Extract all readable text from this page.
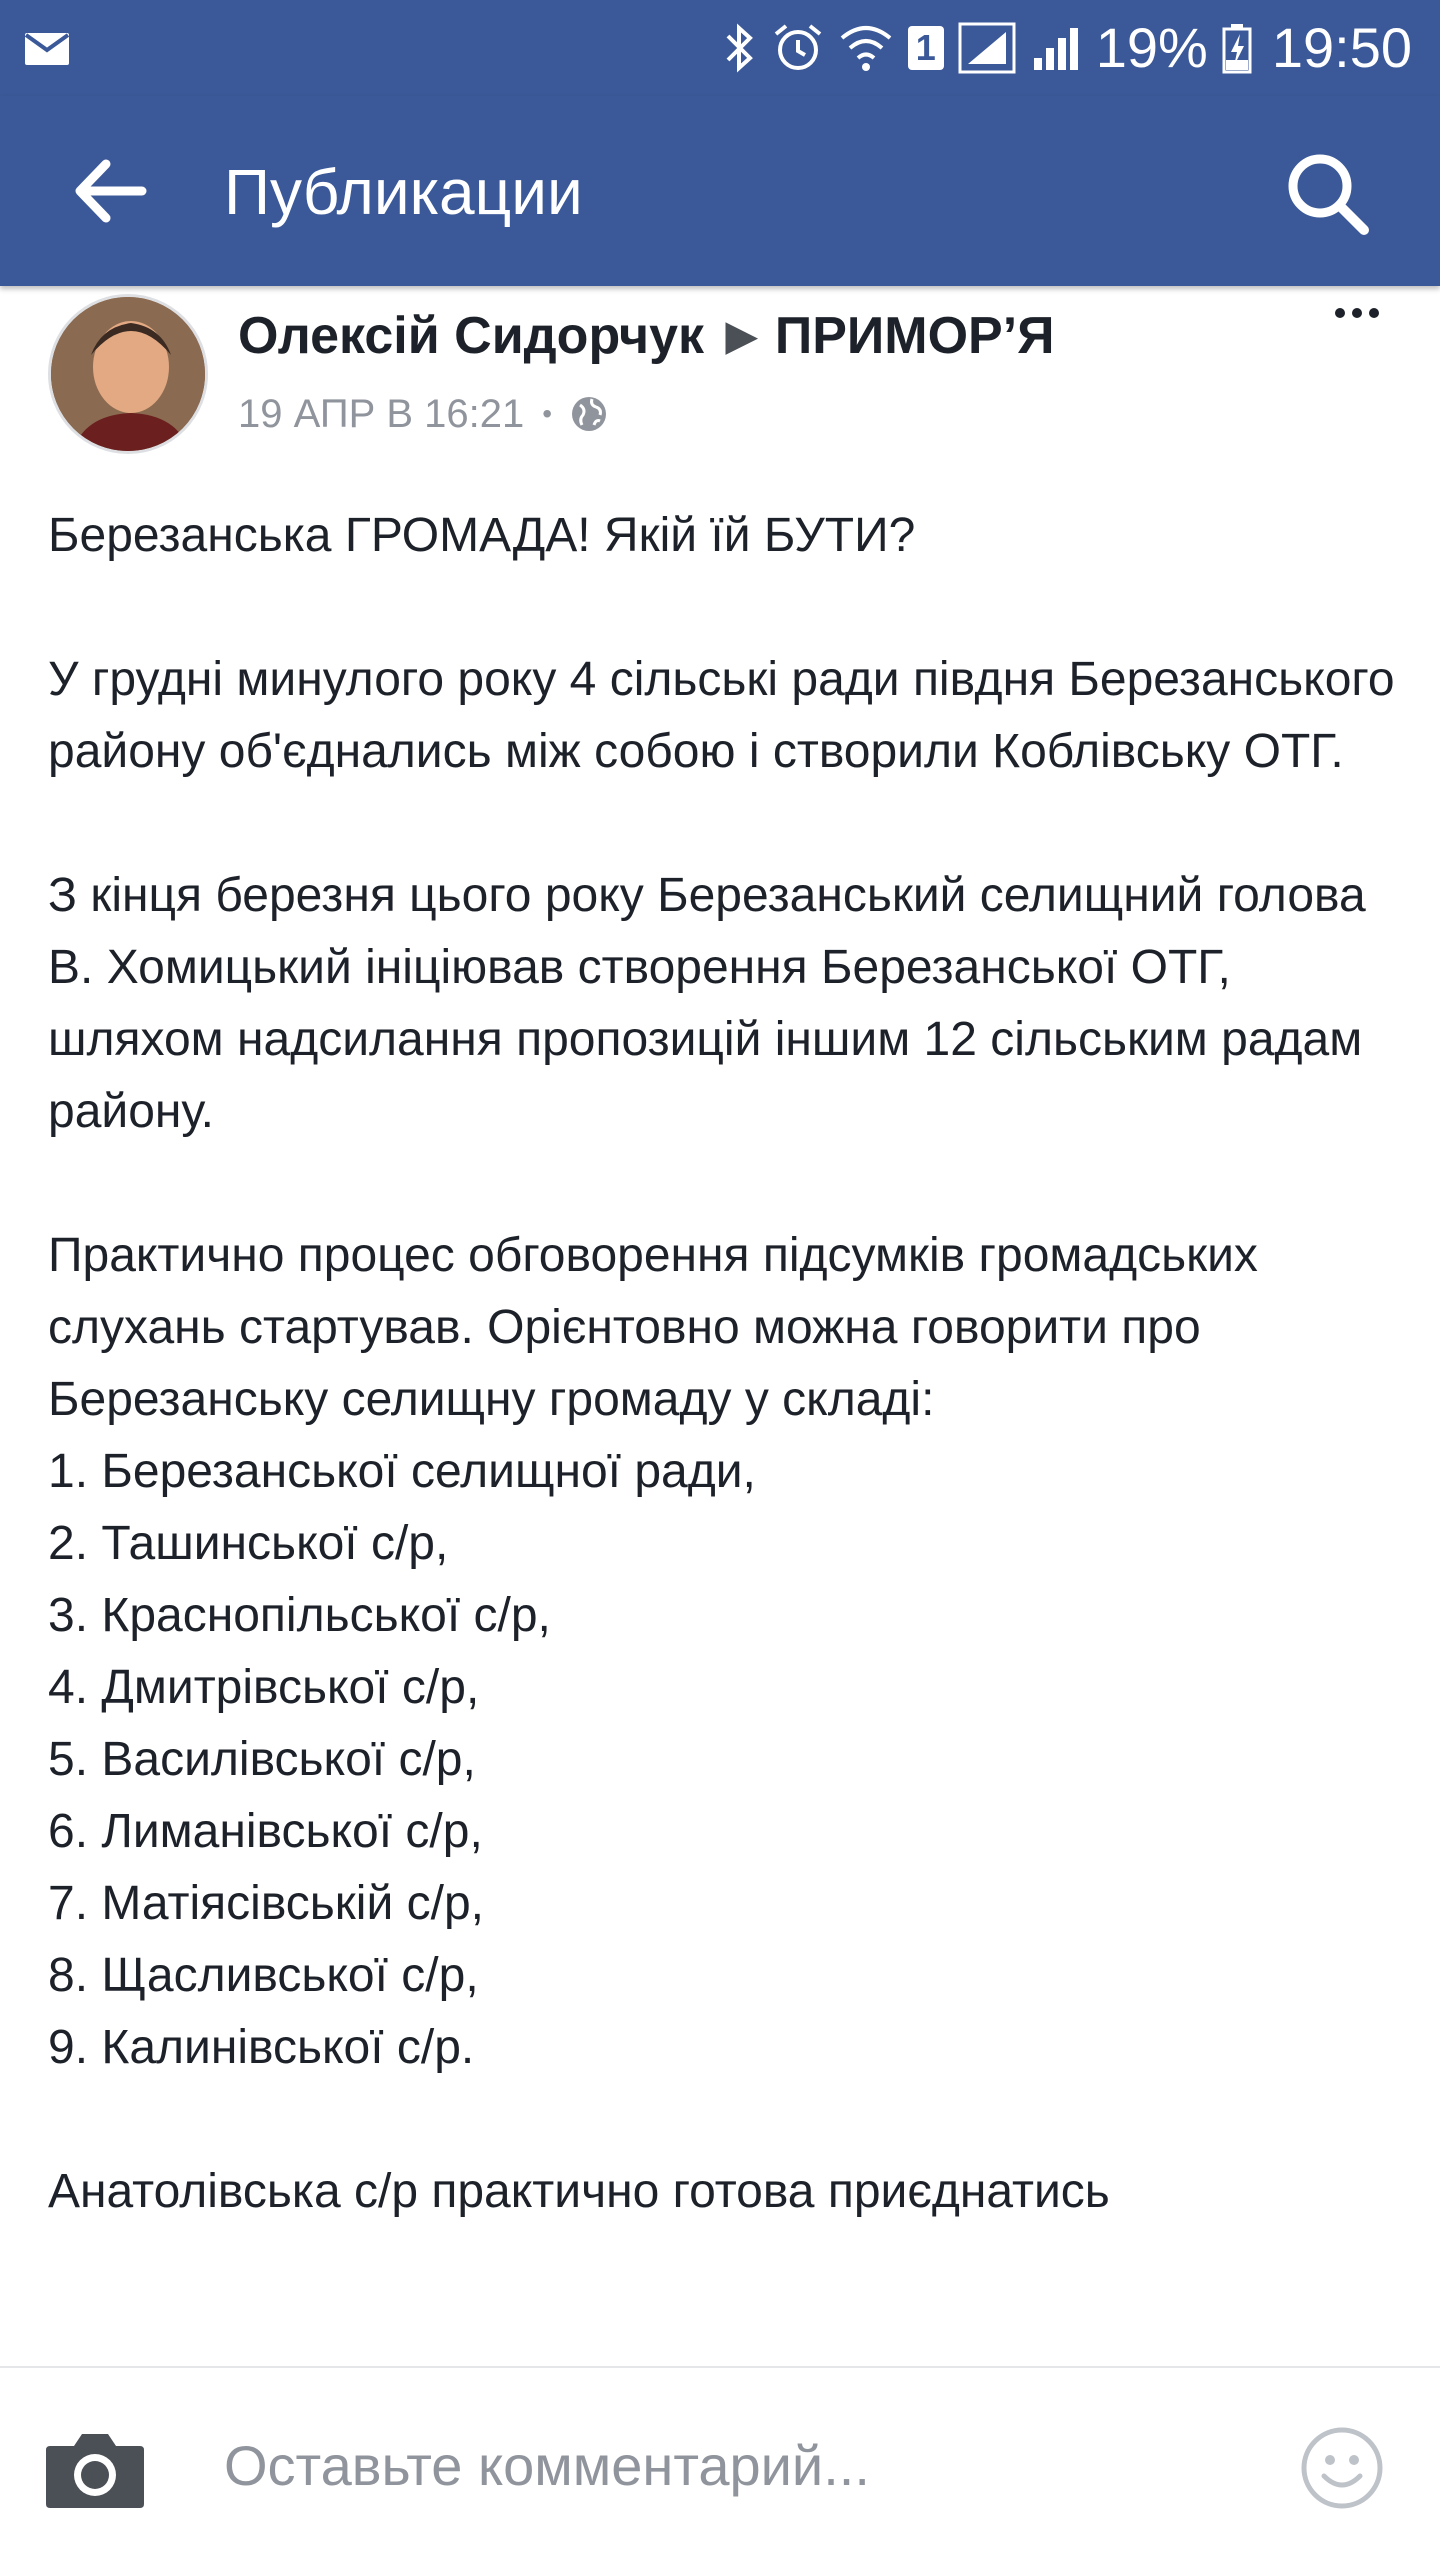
1	19% 19:50
Публикации
Олексій Сидорчук ▶ ПРИМОР’Я
19 АПР В 16:21 •

Березанська ГРОМАДА! Якій їй БУТИ?

У грудні минулого року 4 сільські ради півдня Березанського району об'єднались між собою і створили Коблівську ОТГ.

З кінця березня цього року Березанський селищний голова В. Хомицький ініціював створення Березанської ОТГ, шляхом надсилання пропозицій іншим 12 сільським радам району.

Практично процес обговорення підсумків громадських слухань стартував. Орієнтовно можна говорити про Березанську селищну громаду у складі:

1. Березанської селищної ради,
2. Ташинської с/р,
3. Краснопільської с/р,
4. Дмитрівської с/р,
5. Василівської с/р,
6. Лиманівської с/р,
7. Матіясівській с/р,
8. Щасливської с/р,
9. Калинівської с/р.

Анатолівська с/р практично готова приєднатись

Оставьте комментарий...
